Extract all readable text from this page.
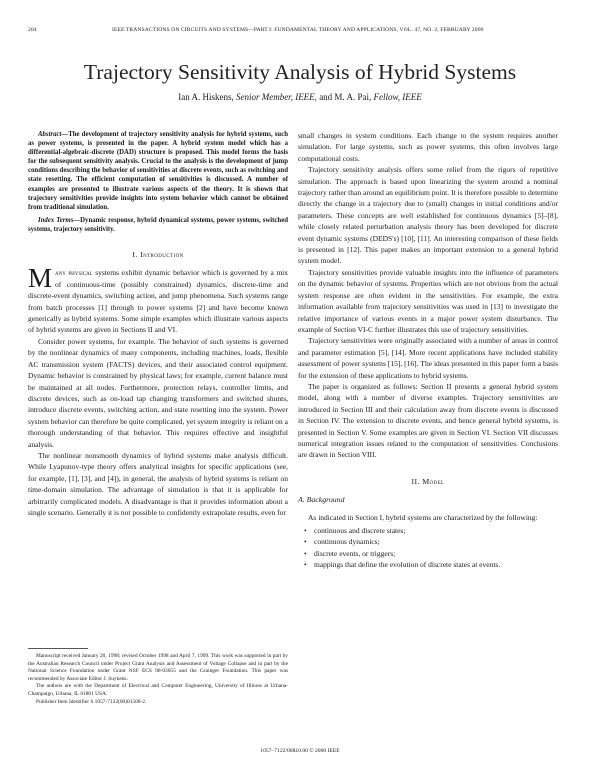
204	IEEE TRANSACTIONS ON CIRCUITS AND SYSTEMS—PART I: FUNDAMENTAL THEORY AND APPLICATIONS, VOL. 47, NO. 2, FEBRUARY 2000
Trajectory Sensitivity Analysis of Hybrid Systems
Ian A. Hiskens, Senior Member, IEEE, and M. A. Pai, Fellow, IEEE

Abstract—The development of trajectory sensitivity analysis for hybrid systems, such as power systems, is presented in the paper. A hybrid system model which has a differential-algebraic-discrete (DAD) structure is proposed. This model forms the basis for the subsequent sensitivity analysis. Crucial to the analysis is the development of jump conditions describing the behavior of sensitivities at discrete events, such as switching and state resetting. The efficient computation of sensitivities is discussed. A number of examples are presented to illustrate various aspects of the theory. It is shown that trajectory sensitivities provide insights into system behavior which cannot be obtained from traditional simulation.

Index Terms—Dynamic response, hybrid dynamical systems, power systems, switched systems, trajectory sensitivity.

I. Introduction

Many physical systems exhibit dynamic behavior which is governed by a mix of continuous-time (possibly constrained) dynamics, discrete-time and discrete-event dynamics, switching action, and jump phenomena. Such systems range from batch processes [1] through to power systems [2] and have become known generically as hybrid systems. Some simple examples which illustrate various aspects of hybrid systems are given in Sections II and VI.

Consider power systems, for example. The behavior of such systems is governed by the nonlinear dynamics of many components, including machines, loads, flexible AC transmission system (FACTS) devices, and their associated control equipment. Dynamic behavior is constrained by physical laws; for example, current balance must be maintained at all nodes. Furthermore, protection relays, controller limits, and discrete devices, such as on-load tap changing transformers and switched shunts, introduce discrete events, switching action, and state resetting into the system. Power system behavior can therefore be quite complicated, yet system integrity is reliant on a thorough understanding of that behavior. This requires effective and insightful analysis.

The nonlinear nonsmooth dynamics of hybrid systems make analysis difficult. While Lyapunov-type theory offers analytical insights for specific applications (see, for example, [1], [3], and [4]), in general, the analysis of hybrid systems is reliant on time-domain simulation. The advantage of simulation is that it is applicable for arbitrarily complicated models. A disadvantage is that it provides information about a single scenario. Generally it is not possible to confidently extrapolate results, even for

Manuscript received January 20, 1998; revised October 1998 and April 7, 1999. This work was supported in part by the Australian Research Council under Project Grant Analysis and Assessment of Voltage Collapse and in part by the National Science Foundation under Grant NSF ECS 98-03055 and the Grainger Foundation. This paper was recommended by Associate Editor J. Suykens.

The authors are with the Department of Electrical and Computer Engineering, University of Illinois at Urbana-Champaign, Urbana, IL 61801 USA.

Publisher Item Identifier S 1057-7122(00)01500-2.

small changes in system conditions. Each change to the system requires another simulation. For large systems, such as power systems, this often involves large computational costs.

Trajectory sensitivity analysis offers some relief from the rigors of repetitive simulation. The approach is based upon linearizing the system around a nominal trajectory rather than around an equilibrium point. It is therefore possible to determine directly the change in a trajectory due to (small) changes in initial conditions and/or parameters. These concepts are well established for continuous dynamics [5]–[8], while closely related perturbation analysis theory has been developed for discrete event dynamic systems (DEDS's) [10], [11]. An interesting comparison of these fields is presented in [12]. This paper makes an important extension to a general hybrid system model.

Trajectory sensitivities provide valuable insights into the influence of parameters on the dynamic behavior of systems. Properties which are not obvious from the actual system response are often evident in the sensitivities. For example, the extra information available from trajectory sensitivities was used in [13] to investigate the relative importance of various events in a major power system disturbance. The example of Section VI-C further illustrates this use of trajectory sensitivities.

Trajectory sensitivities were originally associated with a number of areas in control and parameter estimation [5], [14]. More recent applications have included stability assessment of power systems [15], [16]. The ideas presented in this paper form a basis for the extension of these applications to hybrid systems.

The paper is organized as follows: Section II presents a general hybrid system model, along with a number of diverse examples. Trajectory sensitivities are introduced in Section III and their calculation away from discrete events is discussed in Section IV. The extension to discrete events, and hence general hybrid systems, is presented in Section V. Some examples are given in Section VI. Section VII discusses numerical integration issues related to the computation of sensitivities. Conclusions are drawn in Section VIII.

II. Model
A. Background

As indicated in Section I, hybrid systems are characterized by the following:

• continuous and discrete states;
• continuous dynamics;
• discrete events, or triggers;
• mappings that define the evolution of discrete states at events.
1057–7122/00$10.00 © 2000 IEEE
